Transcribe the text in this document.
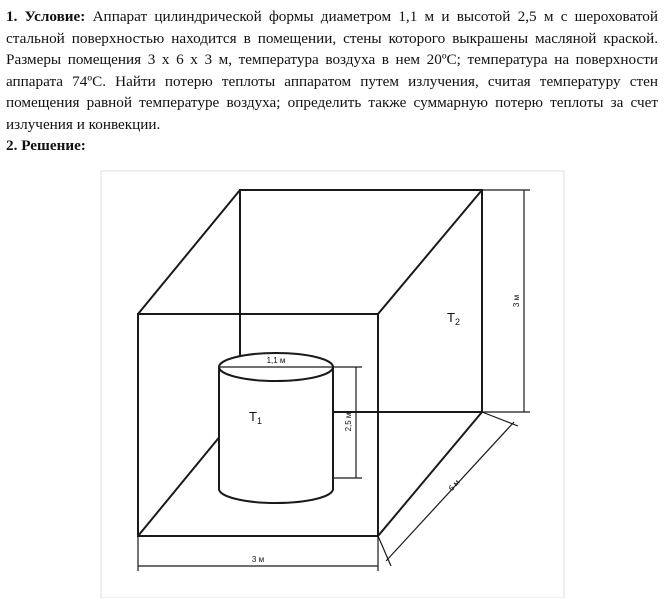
1. Условие: Аппарат цилиндрической формы диаметром 1,1 м и высотой 2,5 м с шероховатой стальной поверхностью находится в помещении, стены которого выкрашены масляной краской. Размеры помещения 3 х 6 х 3 м, температура воздуха в нем 20ºС; температура на поверхности аппарата 74ºС. Найти потерю теплоты аппаратом путем излучения, считая температуру стен помещения равной температуре воздуха; определить также суммарную потерю теплоты за счет излучения и конвекции.

2. Решение:

$T_1$
$T_2$
1,1 м
2,5 м
3 м
6 м
3 м
